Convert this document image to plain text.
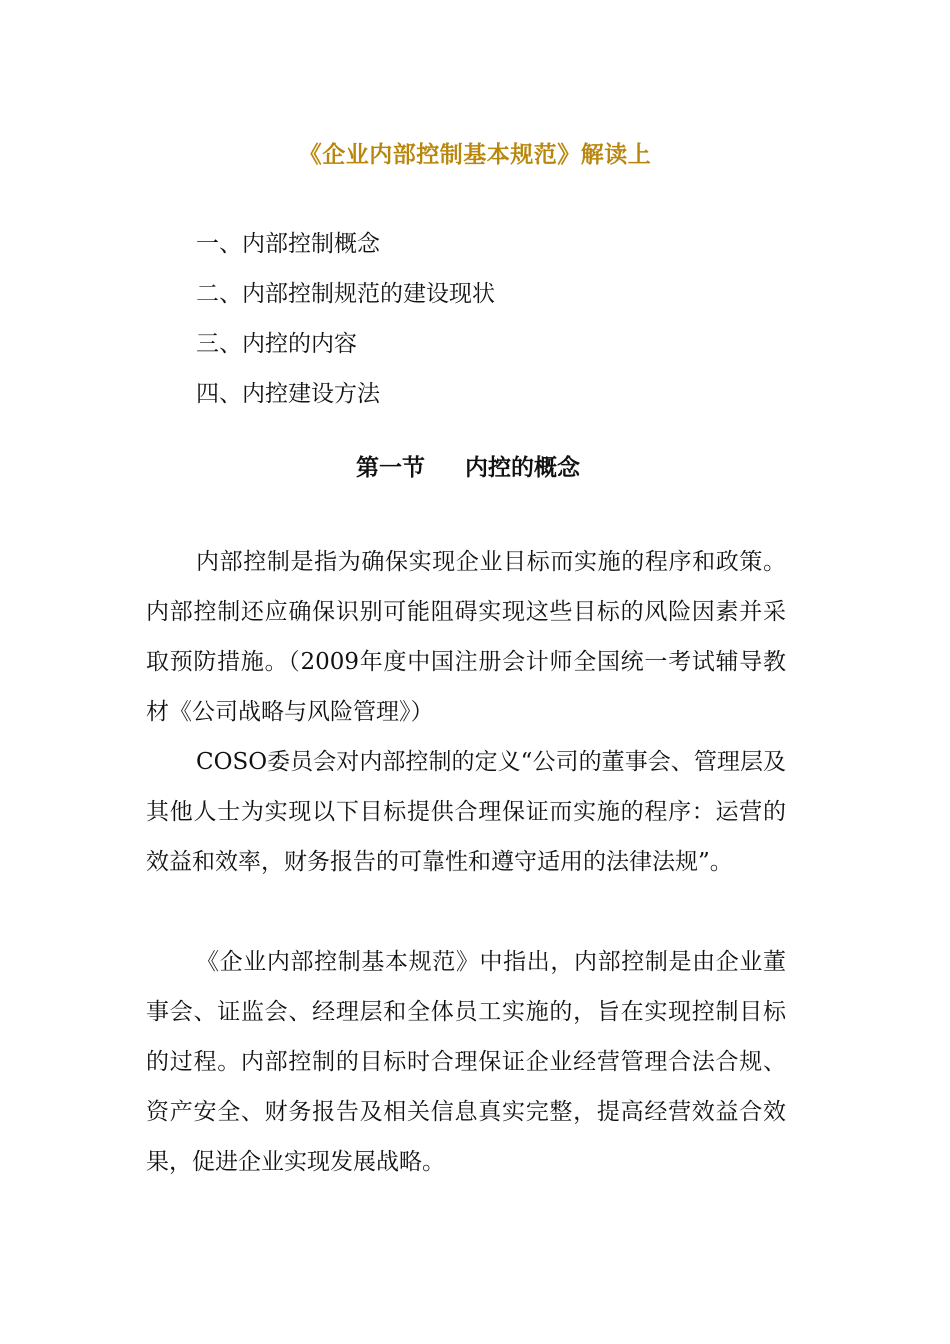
《企业内部控制基本规范》解读上
一、内部控制概念
二、内部控制规范的建设现状
三、内控的内容
四、内控建设方法
第一节 内控的概念

内部控制是指为确保实现企业目标而实施的程序和政策。内部控制还应确保识别可能阻碍实现这些目标的风险因素并采取预防措施。（2009年度中国注册会计师全国统一考试辅导教材《公司战略与风险管理》）

COSO委员会对内部控制的定义“公司的董事会、管理层及其他人士为实现以下目标提供合理保证而实施的程序：运营的效益和效率，财务报告的可靠性和遵守适用的法律法规”。

《企业内部控制基本规范》中指出，内部控制是由企业董事会、证监会、经理层和全体员工实施的，旨在实现控制目标的过程。内部控制的目标时合理保证企业经营管理合法合规、资产安全、财务报告及相关信息真实完整，提高经营效益合效果，促进企业实现发展战略。
